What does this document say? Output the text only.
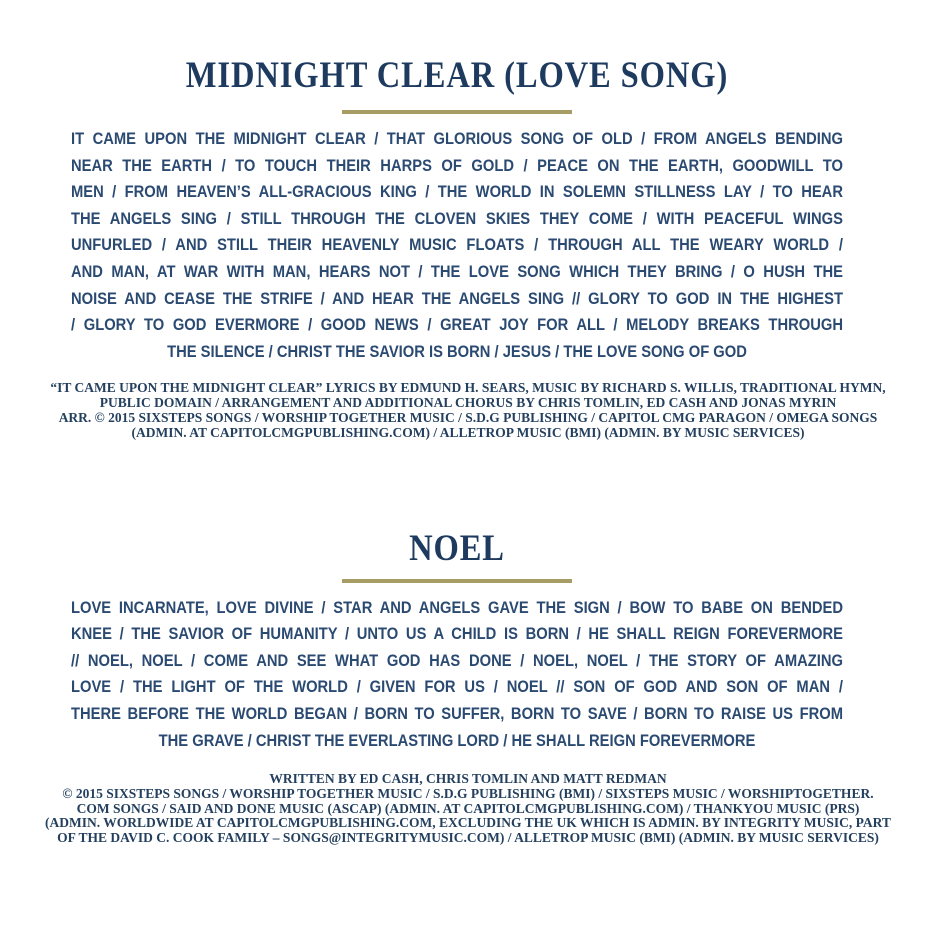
MIDNIGHT CLEAR (LOVE SONG)
IT CAME UPON THE MIDNIGHT CLEAR / THAT GLORIOUS SONG OF OLD / FROM ANGELS BENDING
NEAR THE EARTH / TO TOUCH THEIR HARPS OF GOLD / PEACE ON THE EARTH, GOODWILL TO
MEN / FROM HEAVEN’S ALL-GRACIOUS KING / THE WORLD IN SOLEMN STILLNESS LAY / TO HEAR
THE ANGELS SING / STILL THROUGH THE CLOVEN SKIES THEY COME / WITH PEACEFUL WINGS
UNFURLED / AND STILL THEIR HEAVENLY MUSIC FLOATS / THROUGH ALL THE WEARY WORLD /
AND MAN, AT WAR WITH MAN, HEARS NOT / THE LOVE SONG WHICH THEY BRING / O HUSH THE
NOISE AND CEASE THE STRIFE / AND HEAR THE ANGELS SING // GLORY TO GOD IN THE HIGHEST
/ GLORY TO GOD EVERMORE / GOOD NEWS / GREAT JOY FOR ALL / MELODY BREAKS THROUGH
THE SILENCE / CHRIST THE SAVIOR IS BORN / JESUS / THE LOVE SONG OF GOD
“IT CAME UPON THE MIDNIGHT CLEAR” LYRICS BY EDMUND H. SEARS, MUSIC BY RICHARD S. WILLIS, TRADITIONAL HYMN,
PUBLIC DOMAIN / ARRANGEMENT AND ADDITIONAL CHORUS BY CHRIS TOMLIN, ED CASH AND JONAS MYRIN
ARR. © 2015 SIXSTEPS SONGS / WORSHIP TOGETHER MUSIC / S.D.G PUBLISHING / CAPITOL CMG PARAGON / OMEGA SONGS
(ADMIN. AT CAPITOLCMGPUBLISHING.COM) / ALLETROP MUSIC (BMI) (ADMIN. BY MUSIC SERVICES)
NOEL
LOVE INCARNATE, LOVE DIVINE / STAR AND ANGELS GAVE THE SIGN / BOW TO BABE ON BENDED
KNEE / THE SAVIOR OF HUMANITY / UNTO US A CHILD IS BORN / HE SHALL REIGN FOREVERMORE
// NOEL, NOEL / COME AND SEE WHAT GOD HAS DONE / NOEL, NOEL / THE STORY OF AMAZING
LOVE / THE LIGHT OF THE WORLD / GIVEN FOR US / NOEL // SON OF GOD AND SON OF MAN /
THERE BEFORE THE WORLD BEGAN / BORN TO SUFFER, BORN TO SAVE / BORN TO RAISE US FROM
THE GRAVE / CHRIST THE EVERLASTING LORD / HE SHALL REIGN FOREVERMORE
WRITTEN BY ED CASH, CHRIS TOMLIN AND MATT REDMAN
© 2015 SIXSTEPS SONGS / WORSHIP TOGETHER MUSIC / S.D.G PUBLISHING (BMI) / SIXSTEPS MUSIC / WORSHIPTOGETHER.
COM SONGS / SAID AND DONE MUSIC (ASCAP) (ADMIN. AT CAPITOLCMGPUBLISHING.COM) / THANKYOU MUSIC (PRS)
(ADMIN. WORLDWIDE AT CAPITOLCMGPUBLISHING.COM, EXCLUDING THE UK WHICH IS ADMIN. BY INTEGRITY MUSIC, PART
OF THE DAVID C. COOK FAMILY – SONGS@INTEGRITYMUSIC.COM) / ALLETROP MUSIC (BMI) (ADMIN. BY MUSIC SERVICES)
